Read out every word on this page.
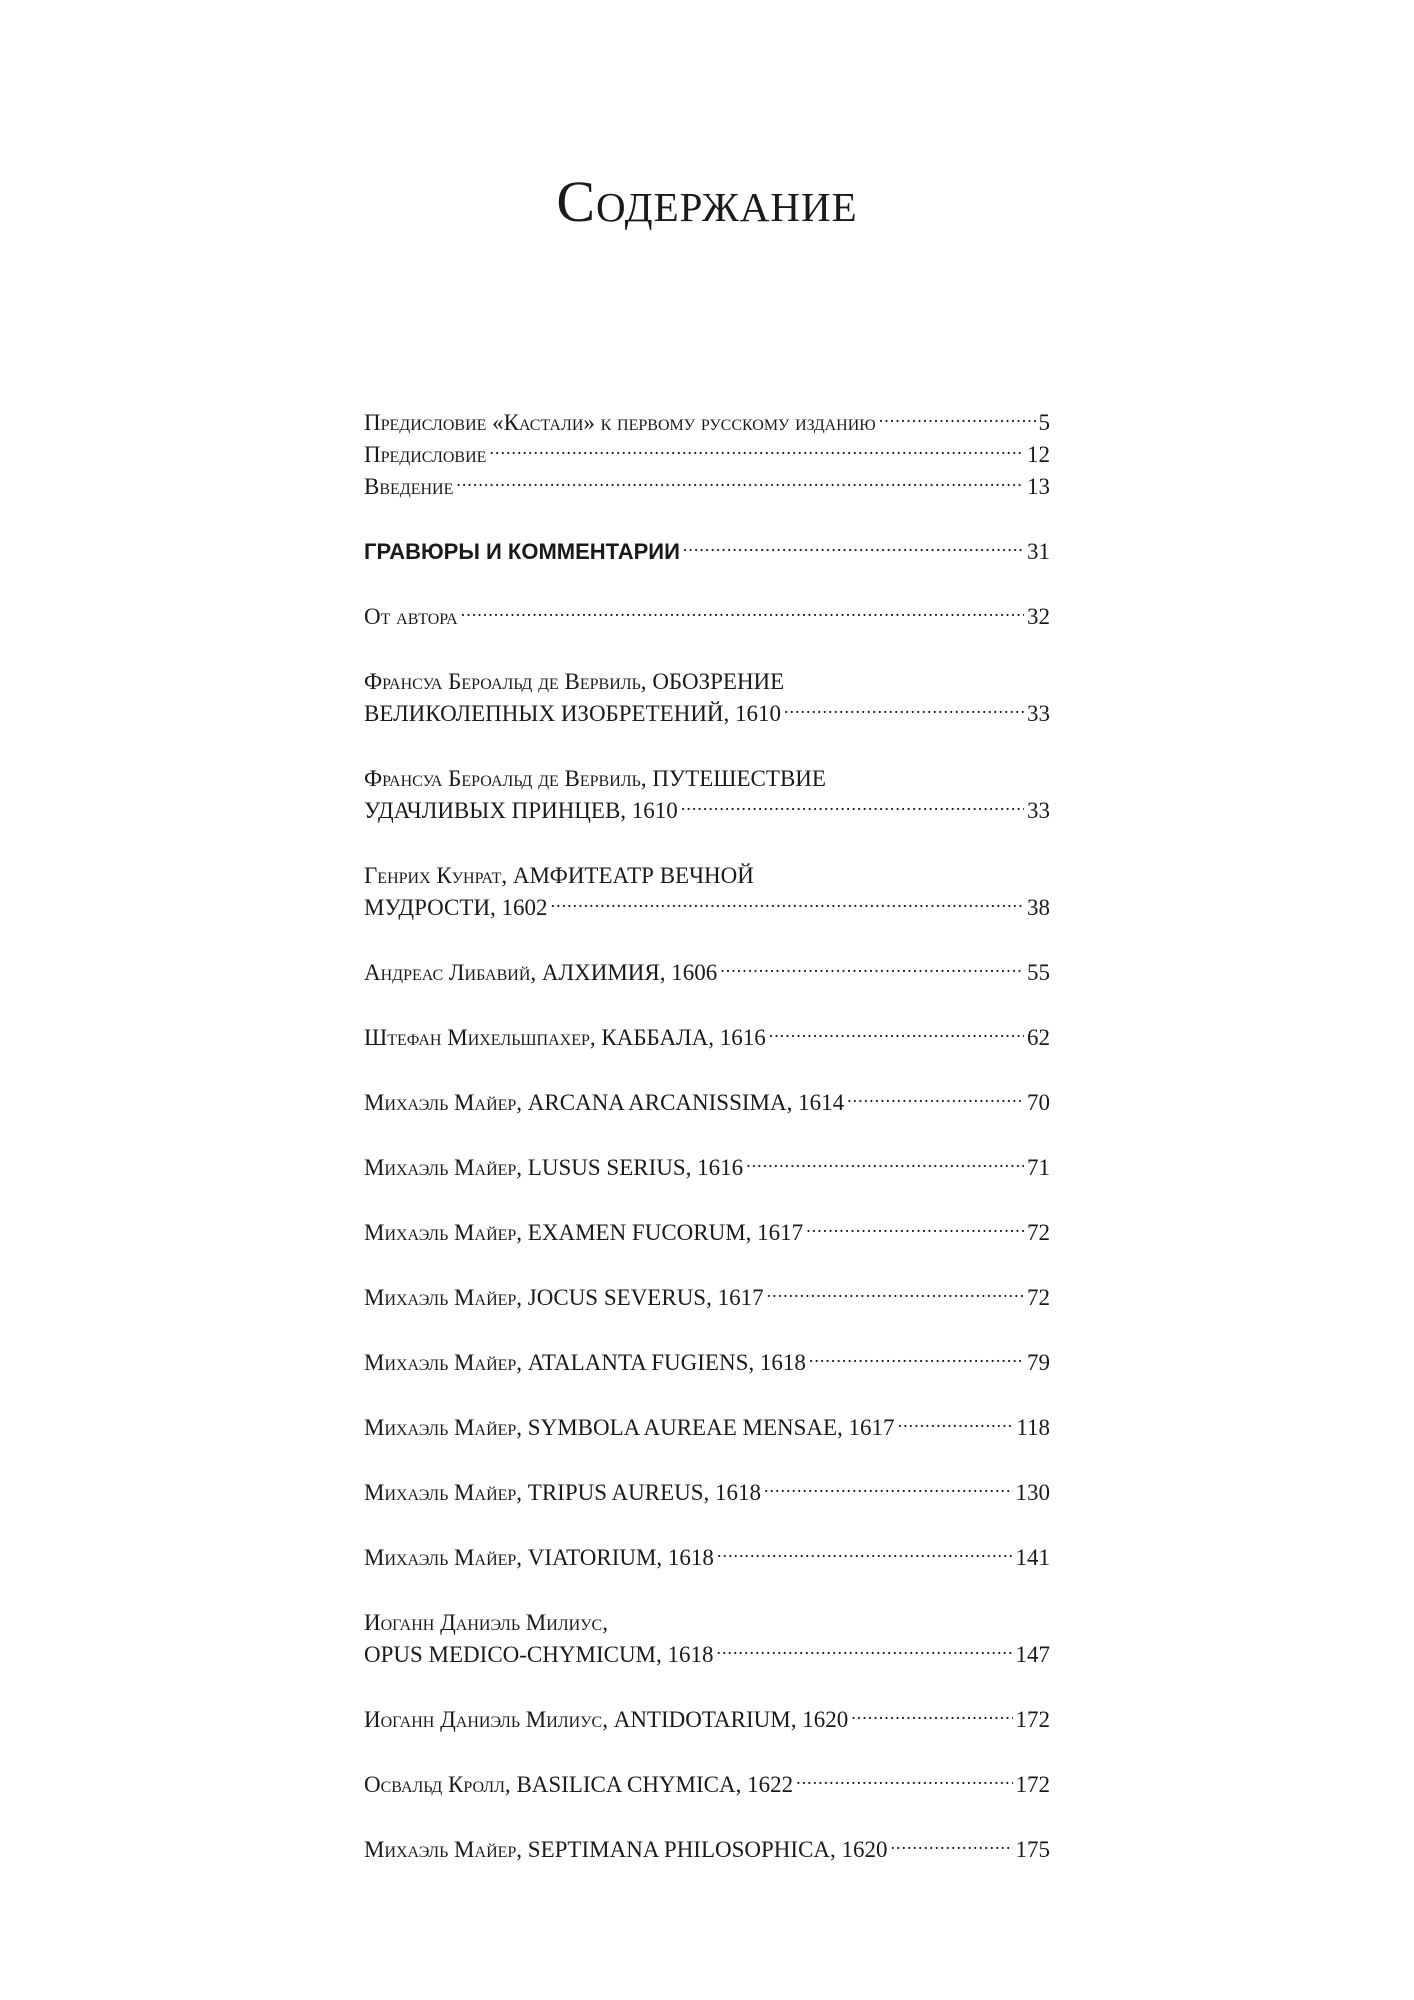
Содержание
Предисловие «Кастали» к первому русскому изданию .....	5
Предисловие .....	12
Введение .....	13
ГРАВЮРЫ И КОММЕНТАРИИ .....	31
От автора .....	32
Франсуа Бероальд де Вервиль,
ОБОЗРЕНИЕ
ВЕЛИКОЛЕПНЫХ ИЗОБРЕТЕНИЙ, 1610 .....	33
Франсуа Бероальд де Вервиль,
ПУТЕШЕСТВИЕ
УДАЧЛИВЫХ ПРИНЦЕВ, 1610 .....	33
Генрих Кунрат,
АМФИТЕАТР ВЕЧНОЙ
МУДРОСТИ, 1602 .....	38
Андреас Либавий,
АЛХИМИЯ, 1606 .....	55
Штефан Михельшпахер,
КАББАЛА, 1616 .....	62
Михаэль Майер,
ARCANA ARCANISSIMA, 1614 .....	70
Михаэль Майер,
LUSUS SERIUS, 1616 .....	71
Михаэль Майер,
EXAMEN FUCORUM, 1617 .....	72
Михаэль Майер,
JOCUS SEVERUS, 1617 .....	72
Михаэль Майер,
ATALANTA FUGIENS, 1618 .....	79
Михаэль Майер,
SYMBOLA AUREAE MENSAE, 1617 .....	118
Михаэль Майер,
TRIPUS AUREUS, 1618 .....	130
Михаэль Майер,
VIATORIUM, 1618 .....	141
Иоганн Даниэль Милиус,
OPUS MEDICO-CHYMICUM, 1618 .....	147
Иоганн Даниэль Милиус,
ANTIDOTARIUM, 1620 .....	172
Освальд Кролл,
BASILICA CHYMICA, 1622 .....	172
Михаэль Майер,
SEPTIMANA PHILOSOPHICA, 1620 .....	175
